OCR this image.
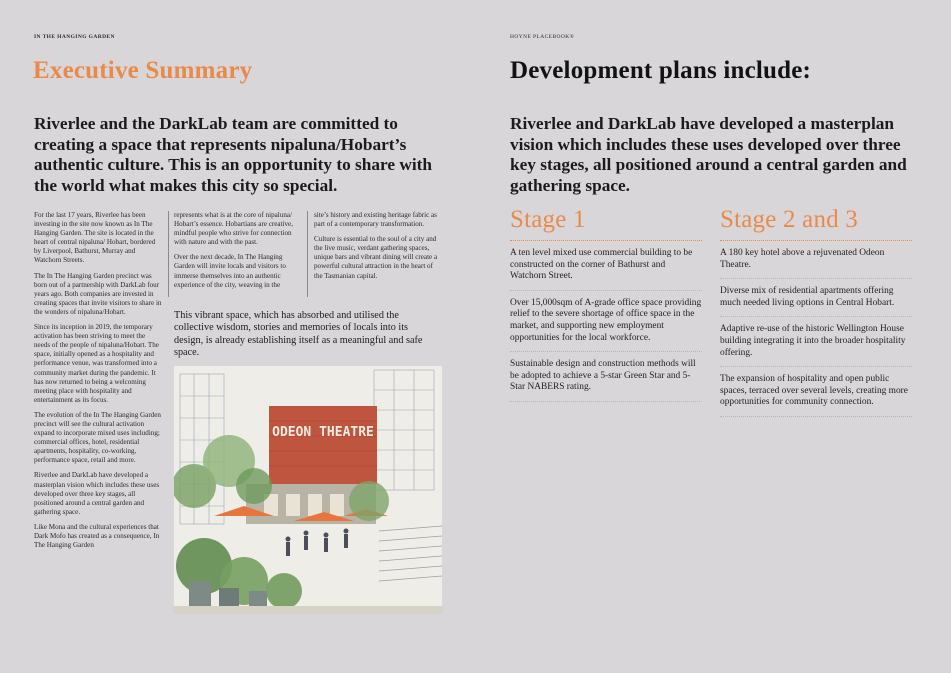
IN THE HANGING GARDEN
Executive Summary

Riverlee and the DarkLab team are committed to creating a space that represents nipaluna/Hobart’s authentic culture. This is an opportunity to share with the world what makes this city so special.

For the last 17 years, Riverlee has been investing in the site now known as In The Hanging Garden. The site is located in the heart of central nipaluna/ Hobart, bordered by Liverpool, Bathurst, Murray and Watchorn Streets.

The In The Hanging Garden precinct was born out of a partnership with DarkLab four years ago. Both companies are invested in creating spaces that invite visitors to share in the wonders of nipaluna/Hobart.

Since its inception in 2019, the temporary activation has been striving to meet the needs of the people of nipaluna/Hobart. The space, initially opened as a hospitality and performance venue, was transformed into a community market during the pandemic. It has now returned to being a welcoming meeting place with hospitality and entertainment as its focus.

The evolution of the In The Hanging Garden precinct will see the cultural activation expand to incorporate mixed uses including; commercial offices, hotel, residential apartments, hospitality, co-working, performance space, retail and more.

Riverlee and DarkLab have developed a masterplan vision which includes these uses developed over three key stages, all positioned around a central garden and gathering space.

Like Mona and the cultural experiences that Dark Mofo has created as a consequence, In The Hanging Garden

represents what is at the core of nipaluna/ Hobart’s essence. Hobartians are creative, mindful people who strive for connection with nature and with the past.

Over the next decade, In The Hanging Garden will invite locals and visitors to immerse themselves into an authentic experience of the city, weaving in the

site’s history and existing heritage fabric as part of a contemporary transformation.

Culture is essential to the soul of a city and the live music, verdant gathering spaces, unique bars and vibrant dining will create a powerful cultural attraction in the heart of the Tasmanian capital.

This vibrant space, which has absorbed and utilised the collective wisdom, stories and memories of locals into its design, is already establishing itself as a meaningful and safe space.

ODEON THEATRE
HOYNE PLACEBOOK®
Development plans include:

Riverlee and DarkLab have developed a masterplan vision which includes these uses developed over three key stages, all positioned around a central garden and gathering space.

Stage 1
A ten level mixed use commercial building to be constructed on the corner of Bathurst and Watchorn Street.
Over 15,000sqm of A-grade office space providing relief to the severe shortage of office space in the market, and supporting new employment opportunities for the local workforce.
Sustainable design and construction methods will be adopted to achieve a 5-star Green Star and 5-Star NABERS rating.
Stage 2 and 3
A 180 key hotel above a rejuvenated Odeon Theatre.
Diverse mix of residential apartments offering much needed living options in Central Hobart.
Adaptive re-use of the historic Wellington House building integrating it into the broader hospitality offering.
The expansion of hospitality and open public spaces, terraced over several levels, creating more opportunities for community connection.
